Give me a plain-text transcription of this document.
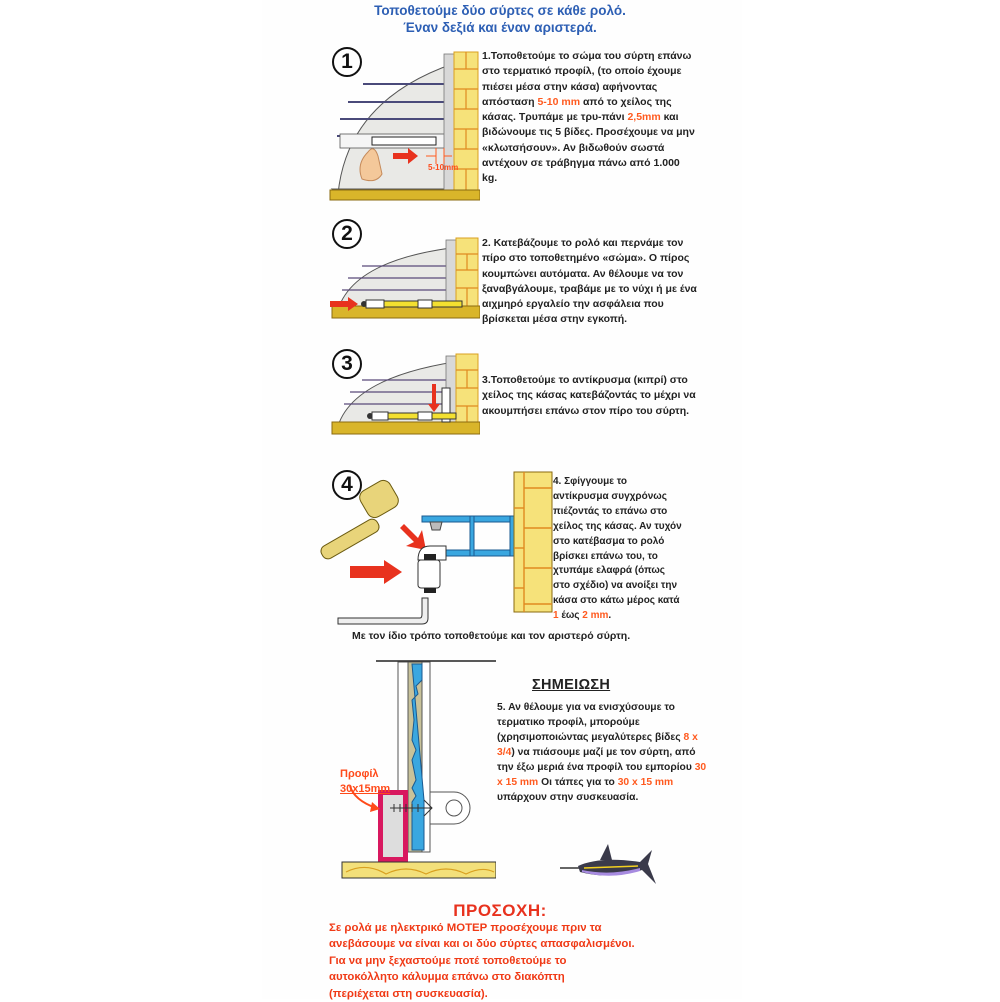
Τοποθετούμε δύο σύρτες σε κάθε ρολό.
Έναν δεξιά και έναν αριστερά.
1
5-10mm
1.Τοποθετούμε το σώμα του σύρτη επάνω στο τερματικό προφίλ, (το οποίο έχουμε πιέσει μέσα στην κάσα) αφήνοντας απόσταση 5-10 mm από το χείλος της κάσας. Τρυπάμε με τρυ-πάνι 2,5mm και βιδώνουμε τις 5 βίδες. Προσέχουμε να μην «κλωτσήσουν». Αν βιδωθούν σωστά αντέχουν σε τράβηγμα πάνω από 1.000 kg.
2	2. Κατεβάζουμε το ρολό και περνάμε τον πίρο στο τοποθετημένο «σώμα». Ο πίρος κουμπώνει αυτόματα. Αν θέλουμε να τον ξαναβγάλουμε, τραβάμε με το νύχι ή με ένα αιχμηρό εργαλείο την ασφάλεια που βρίσκεται μέσα στην εγκοπή.
3
3.Τοποθετούμε το αντίκρυσμα (κιπρί) στο χείλος της κάσας κατεβάζοντάς το μέχρι να ακουμπήσει επάνω στον πίρο του σύρτη.
4	4. Σφίγγουμε το αντίκρυσμα συγχρόνως πιέζοντάς το επάνω στο χείλος της κάσας. Αν τυχόν στο κατέβασμα το ρολό βρίσκει επάνω του, το χτυπάμε ελαφρά (όπως στο σχέδιο) να ανοίξει την κάσα στο κάτω μέρος κατά 1 έως 2 mm.
Με τον ίδιο τρόπο τοποθετούμε και τον αριστερό σύρτη.
Προφίλ
30x15mm
ΣΗΜΕΙΩΣΗ
5. Αν θέλουμε για να ενισχύσουμε το τερματικο προφίλ, μπορούμε (χρησιμοποιώντας μεγαλύτερες βίδες 8 x 3/4) να πιάσουμε μαζί με τον σύρτη, από την έξω μεριά ένα προφίλ του εμπορίου 30 x 15 mm Οι τάπες για το 30 x 15 mm υπάρχουν στην συσκευασία.
ΠΡΟΣΟΧΗ:
Σε ρολά με ηλεκτρικό ΜΟΤΕΡ προσέχουμε πριν τα
ανεβάσουμε να είναι και οι δύο σύρτες απασφαλισμένοι.
Για να μην ξεχαστούμε ποτέ τοποθετούμε το
αυτοκόλλητο κάλυμμα επάνω στο διακόπτη
(περιέχεται στη συσκευασία).
